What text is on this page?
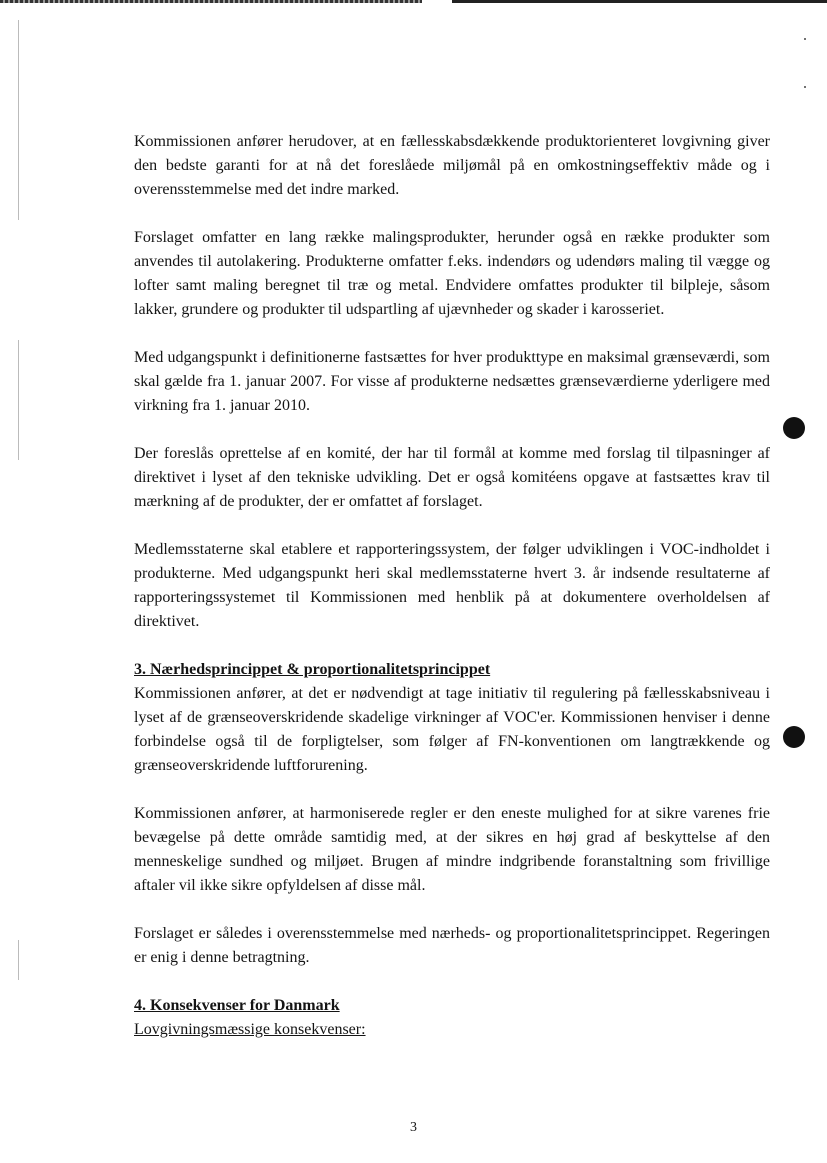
Kommissionen anfører herudover, at en fællesskabsdækkende produktorienteret lovgivning giver den bedste garanti for at nå det foreslåede miljømål på en omkostningseffektiv måde og i overensstemmelse med det indre marked.

Forslaget omfatter en lang række malingsprodukter, herunder også en række produkter som anvendes til autolakering. Produkterne omfatter f.eks. indendørs og udendørs maling til vægge og lofter samt maling beregnet til træ og metal. Endvidere omfattes produkter til bilpleje, såsom lakker, grundere og produkter til udspartling af ujævnheder og skader i karosseriet.

Med udgangspunkt i definitionerne fastsættes for hver produkttype en maksimal grænseværdi, som skal gælde fra 1. januar 2007. For visse af produkterne nedsættes grænseværdierne yderligere med virkning fra 1. januar 2010.

Der foreslås oprettelse af en komité, der har til formål at komme med forslag til tilpasninger af direktivet i lyset af den tekniske udvikling. Det er også komitéens opgave at fastsættes krav til mærkning af de produkter, der er omfattet af forslaget.

Medlemsstaterne skal etablere et rapporteringssystem, der følger udviklingen i VOC-indholdet i produkterne. Med udgangspunkt heri skal medlemsstaterne hvert 3. år indsende resultaterne af rapporteringssystemet til Kommissionen med henblik på at dokumentere overholdelsen af direktivet.

3. Nærhedsprincippet & proportionalitetsprincippet

Kommissionen anfører, at det er nødvendigt at tage initiativ til regulering på fællesskabsniveau i lyset af de grænseoverskridende skadelige virkninger af VOC'er. Kommissionen henviser i denne forbindelse også til de forpligtelser, som følger af FN-konventionen om langtrækkende og grænseoverskridende luftforurening.

Kommissionen anfører, at harmoniserede regler er den eneste mulighed for at sikre varenes frie bevægelse på dette område samtidig med, at der sikres en høj grad af beskyttelse af den menneskelige sundhed og miljøet. Brugen af mindre indgribende foranstaltning som frivillige aftaler vil ikke sikre opfyldelsen af disse mål.

Forslaget er således i overensstemmelse med nærheds- og proportionalitetsprincippet. Regeringen er enig i denne betragtning.

4. Konsekvenser for Danmark

Lovgivningsmæssige konsekvenser:

3
